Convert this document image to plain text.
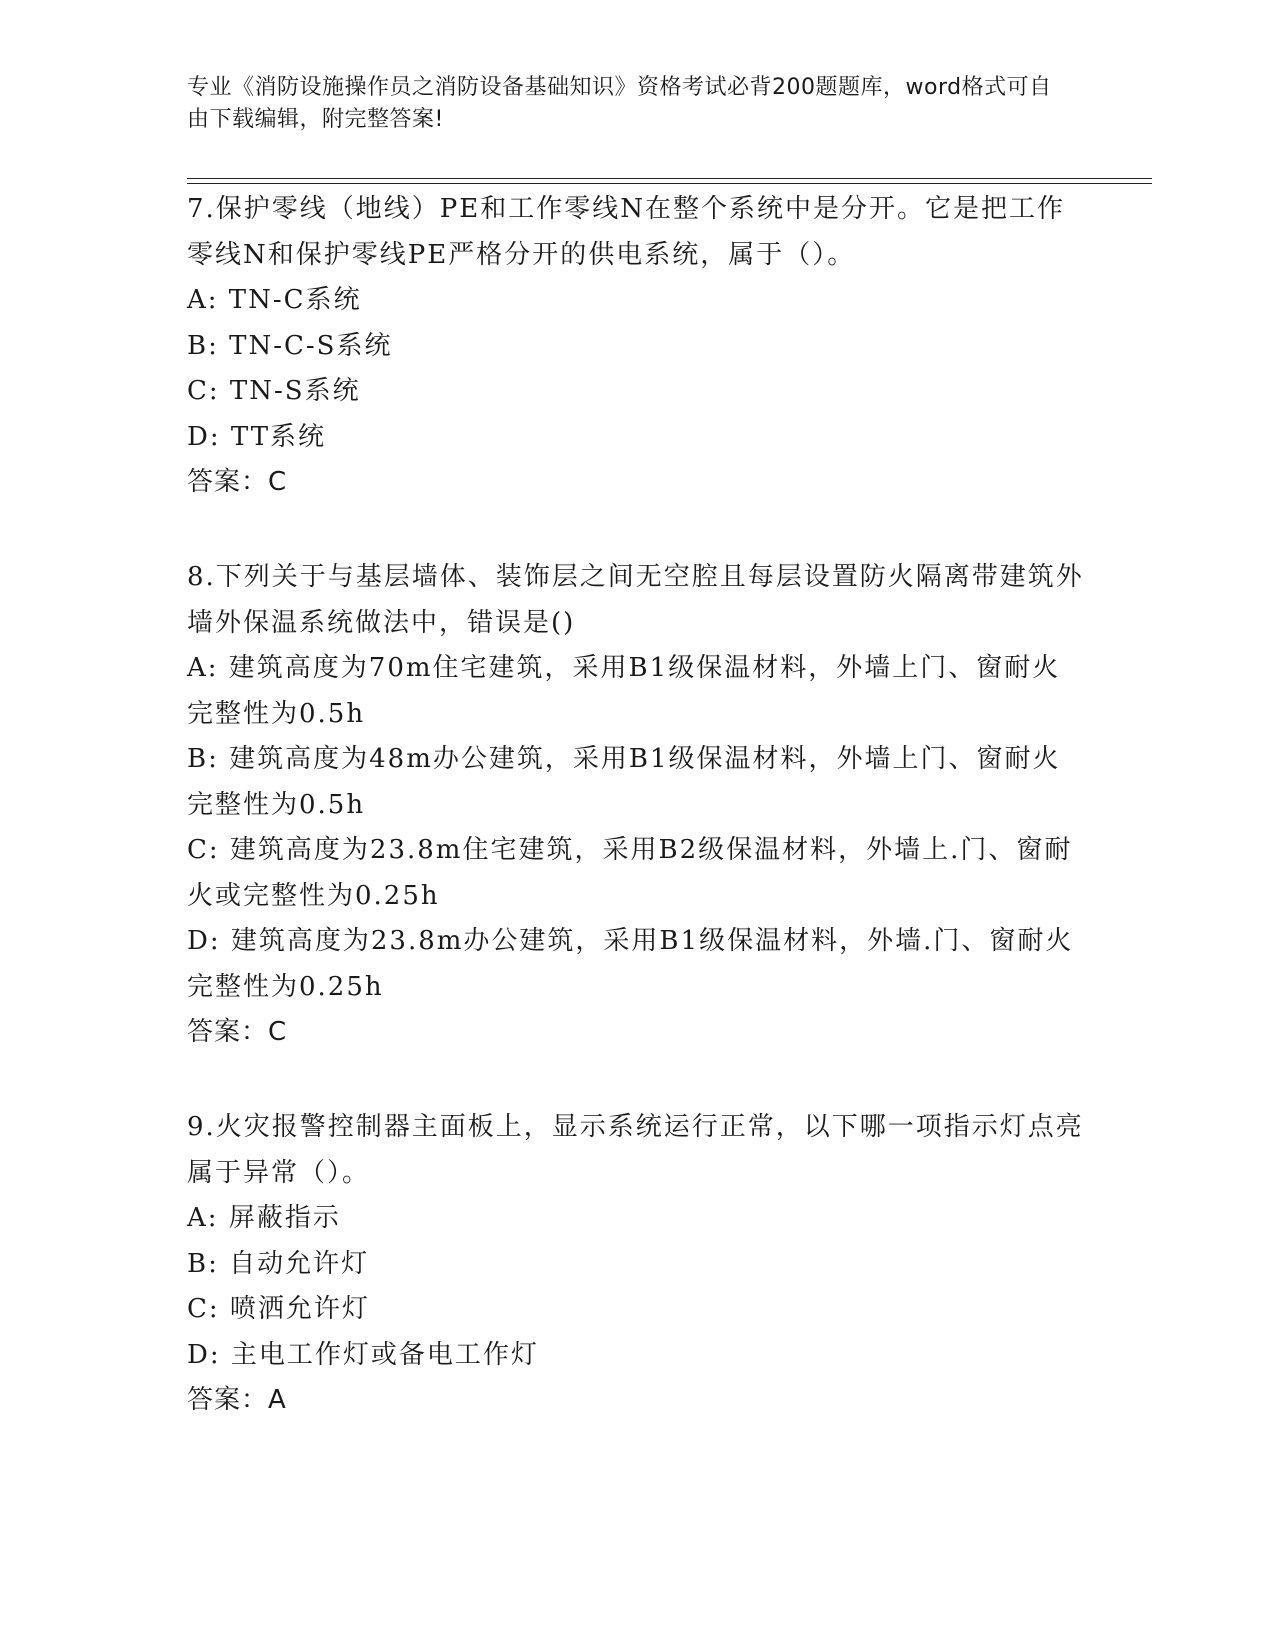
专业《消防设施操作员之消防设备基础知识》资格考试必背200题题库，word格式可自由下载编辑，附完整答案!

7.保护零线（地线）PE和工作零线N在整个系统中是分开。它是把工作零线N和保护零线PE严格分开的供电系统，属于（）。

A: TN-C系统

B: TN-C-S系统

C: TN-S系统

D: TT系统

答案：C

8.下列关于与基层墙体、装饰层之间无空腔且每层设置防火隔离带建筑外墙外保温系统做法中，错误是()

A: 建筑高度为70m住宅建筑，采用B1级保温材料，外墙上门、窗耐火完整性为0.5h

B: 建筑高度为48m办公建筑，采用B1级保温材料，外墙上门、窗耐火完整性为0.5h

C: 建筑高度为23.8m住宅建筑，采用B2级保温材料，外墙上.门、窗耐火或完整性为0.25h

D: 建筑高度为23.8m办公建筑，采用B1级保温材料，外墙.门、窗耐火完整性为0.25h

答案：C

9.火灾报警控制器主面板上，显示系统运行正常，以下哪一项指示灯点亮属于异常（）。

A: 屏蔽指示

B: 自动允许灯

C: 喷洒允许灯

D: 主电工作灯或备电工作灯

答案：A
